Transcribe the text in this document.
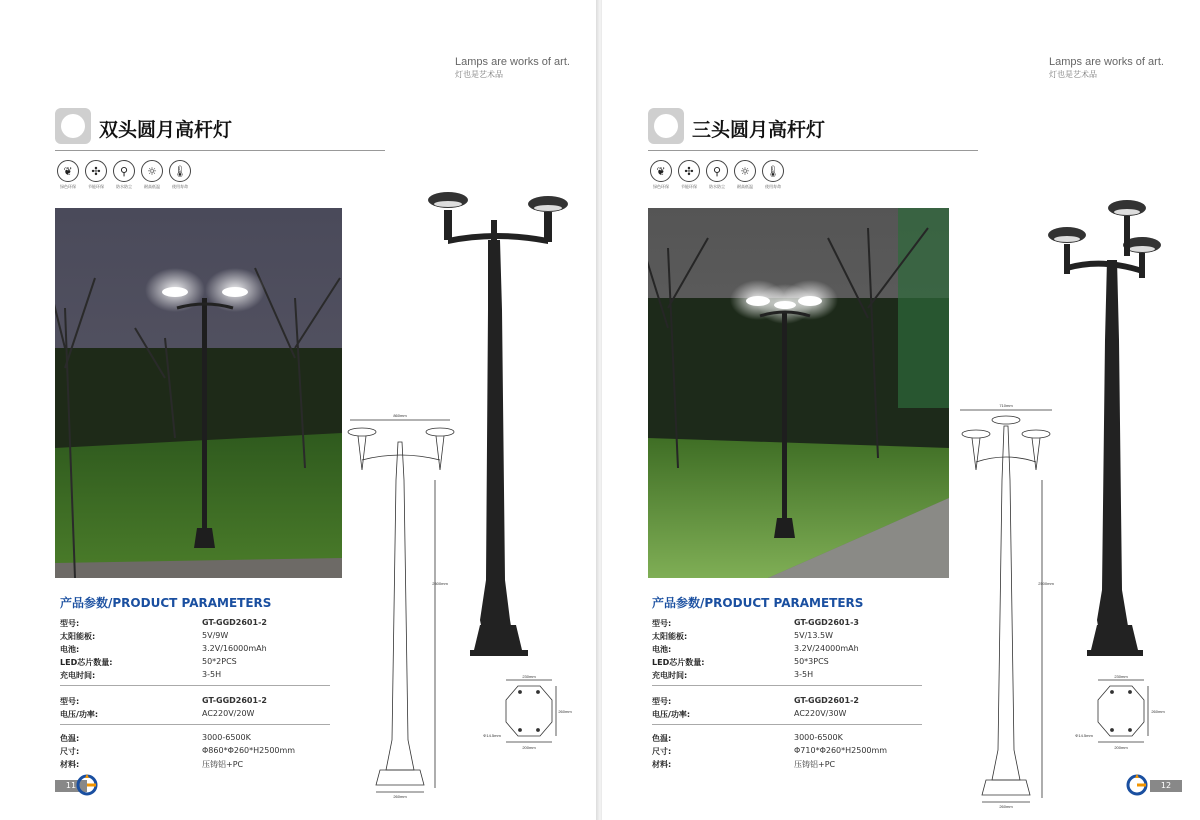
Lamps are works of art.
灯也是艺术品
双头圆月高杆灯
❦
绿色环保
✣
节能环保
⚲
防水防尘
☼
耐高低温
🌡
使用寿命
产品参数/PRODUCT PARAMETERS
型号:	GT-GGD2601-2
太阳能板:	5V/9W
电池:	3.2V/16000mAh
LED芯片数量:	50*2PCS
充电时间:	3-5H
型号:	GT-GGD2601-2
电压/功率:	AC220V/20W
色温:	3000-6500K
尺寸:	Φ860*Φ260*H2500mm
材料:	压铸铝+PC
860mm
2500mm
260mm
230mm
260mm
200mm
Φ14.5mm
11
Lamps are works of art.
灯也是艺术品
三头圆月高杆灯
❦
绿色环保
✣
节能环保
⚲
防水防尘
☼
耐高低温
🌡
使用寿命
产品参数/PRODUCT PARAMETERS
型号:	GT-GGD2601-3
太阳能板:	5V/13.5W
电池:	3.2V/24000mAh
LED芯片数量:	50*3PCS
充电时间:	3-5H
型号:	GT-GGD2601-2
电压/功率:	AC220V/30W
色温:	3000-6500K
尺寸:	Φ710*Φ260*H2500mm
材料:	压铸铝+PC
710mm
2500mm
260mm
230mm
260mm
200mm
Φ14.5mm
12
